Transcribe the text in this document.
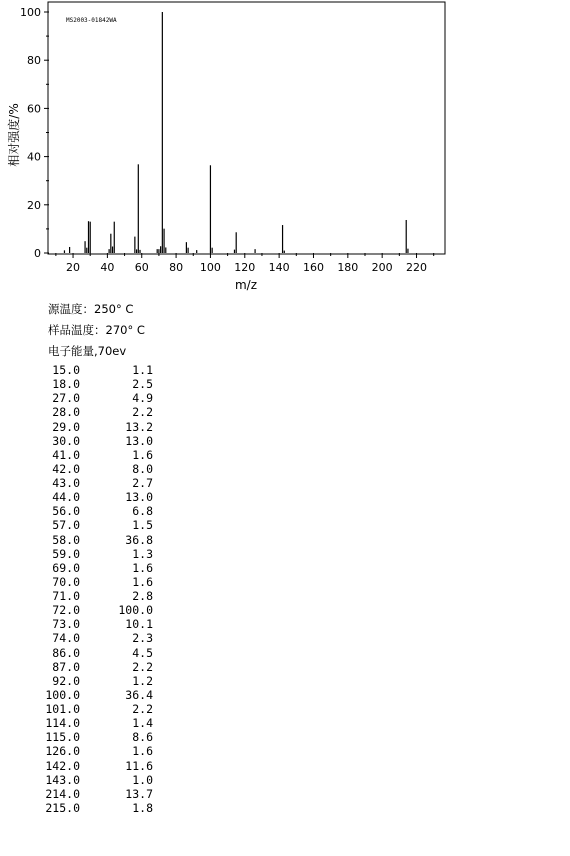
MS2003-01842WA
20 40 60 80 100 120 140 160 180 200 220
0
20
40
60
80
100
m/z
相对强度/%
源温度：250° C
样品温度：270° C
电子能量,70ev
15.0	1.1
18.0	2.5
27.0	4.9
28.0	2.2
29.0	13.2
30.0	13.0
41.0	1.6
42.0	8.0
43.0	2.7
44.0	13.0
56.0	6.8
57.0	1.5
58.0	36.8
59.0	1.3
69.0	1.6
70.0	1.6
71.0	2.8
72.0	100.0
73.0	10.1
74.0	2.3
86.0	4.5
87.0	2.2
92.0	1.2
100.0	36.4
101.0	2.2
114.0	1.4
115.0	8.6
126.0	1.6
142.0	11.6
143.0	1.0
214.0	13.7
215.0	1.8
